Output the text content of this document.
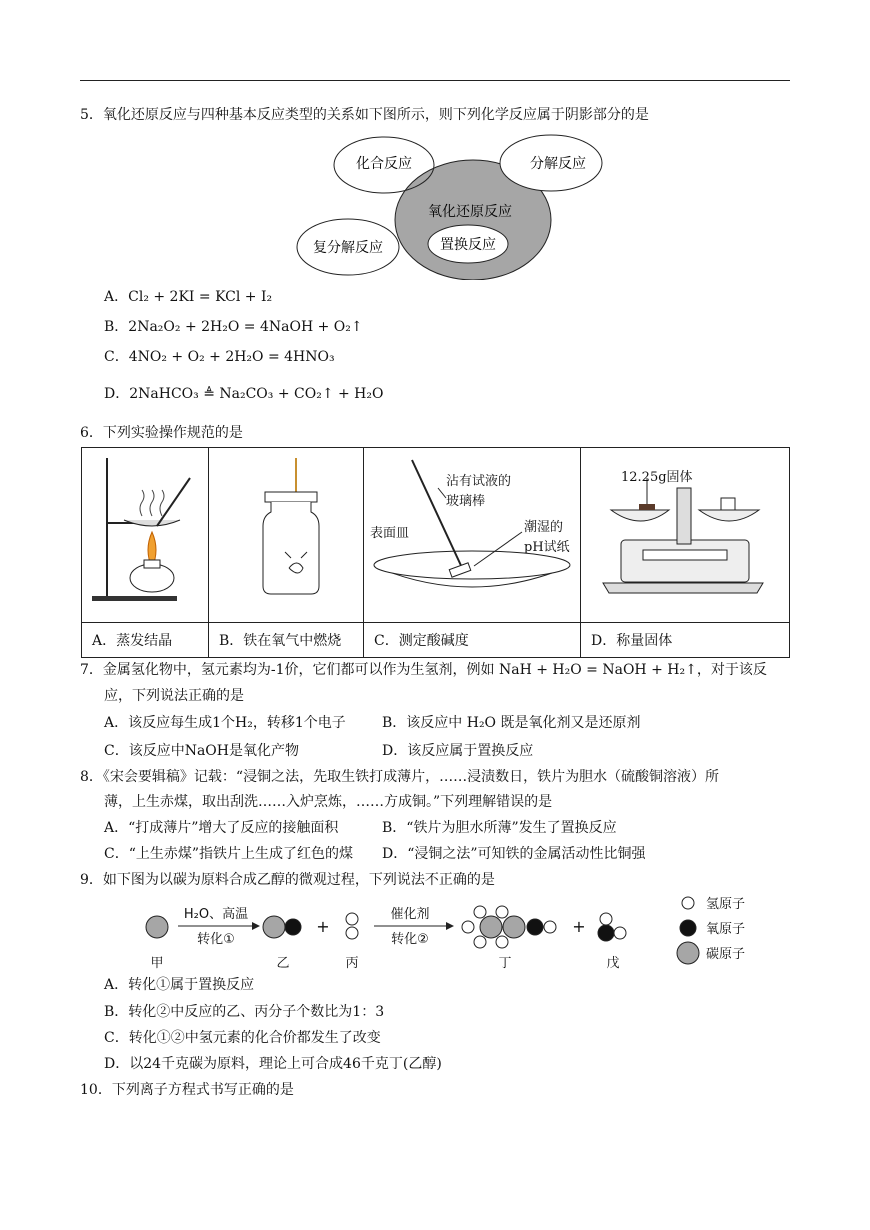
5．氧化还原反应与四种基本反应类型的关系如下图所示，则下列化学反应属于阴影部分的是
化合反应	分解反应
氧化还原反应
复分解反应	置换反应
A．Cl₂ + 2KI = KCl + I₂
B．2Na₂O₂ + 2H₂O = 4NaOH + O₂↑
C．4NO₂ + O₂ + 2H₂O = 4HNO₃
D．2NaHCO₃ ≜ Na₂CO₃ + CO₂↑ + H₂O
6．下列实验操作规范的是

沾有试液的
玻璃棒
表面皿 潮湿的
pH试纸	12.25g固体

A．蒸发结晶	B．铁在氧气中燃烧	C．测定酸碱度	D．称量固体
7．金属氢化物中，氢元素均为-1价，它们都可以作为生氢剂，例如 NaH + H₂O = NaOH + H₂↑，对于该反
应，下列说法正确的是
A．该反应每生成1个H₂，转移1个电子	B．该反应中 H₂O 既是氧化剂又是还原剂
C．该反应中NaOH是氧化产物	D．该反应属于置换反应
8．《宋会要辑稿》记载：“浸铜之法，先取生铁打成薄片，……浸渍数日，铁片为胆水（硫酸铜溶液）所
薄，上生赤煤，取出刮洗……入炉烹炼，……方成铜。”下列理解错误的是
A．“打成薄片”增大了反应的接触面积	B．“铁片为胆水所薄”发生了置换反应
C．“上生赤煤”指铁片上生成了红色的煤 D．“浸铜之法”可知铁的金属活动性比铜强
9．如下图为以碳为原料合成乙醇的微观过程，下列说法不正确的是
H₂O、高温
转化①
+
催化剂
转化②
+
甲	乙	丙	丁	戊
氢原子
氧原子
碳原子
A．转化①属于置换反应
B．转化②中反应的乙、丙分子个数比为1：3
C．转化①②中氢元素的化合价都发生了改变
D．以24千克碳为原料，理论上可合成46千克丁(乙醇)
10．下列离子方程式书写正确的是
